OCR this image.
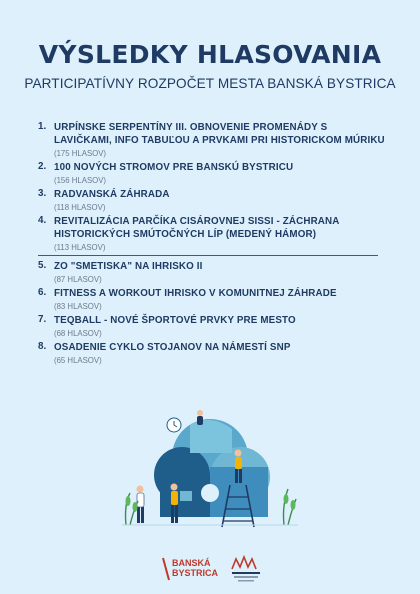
VÝSLEDKY HLASOVANIA
PARTICIPATÍVNY ROZPOČET MESTA BANSKÁ BYSTRICA
1. URPÍNSKE SERPENTÍNY III. OBNOVENIE PROMENÁDY S LAVIČKAMI, INFO TABUĽOU A PRVKAMI PRI HISTORICKOM MÚRIKU
(175 HLASOV)
2. 100 NOVÝCH STROMOV PRE BANSKÚ BYSTRICU
(156 HLASOV)
3. RADVANSKÁ ZÁHRADA
(118 HLASOV)
4. REVITALIZÁCIA PARČÍKA CISÁROVNEJ SISSI - ZÁCHRANA HISTORICKÝCH SMÚTOČNÝCH LÍP (MEDENÝ HÁMOR)
(113 HLASOV)
5. ZO "SMETISKA" NA IHRISKO II
(87 HLASOV)
6. FITNESS A WORKOUT IHRISKO V KOMUNITNEJ ZÁHRADE
(83 HLASOV)
7. TEQBALL - NOVÉ ŠPORTOVÉ PRVKY PRE MESTO
(68 HLASOV)
8. OSADENIE CYKLO STOJANOV NA NÁMESTÍ SNP
(65 HLASOV)
BANSKÁ
BYSTRICA
